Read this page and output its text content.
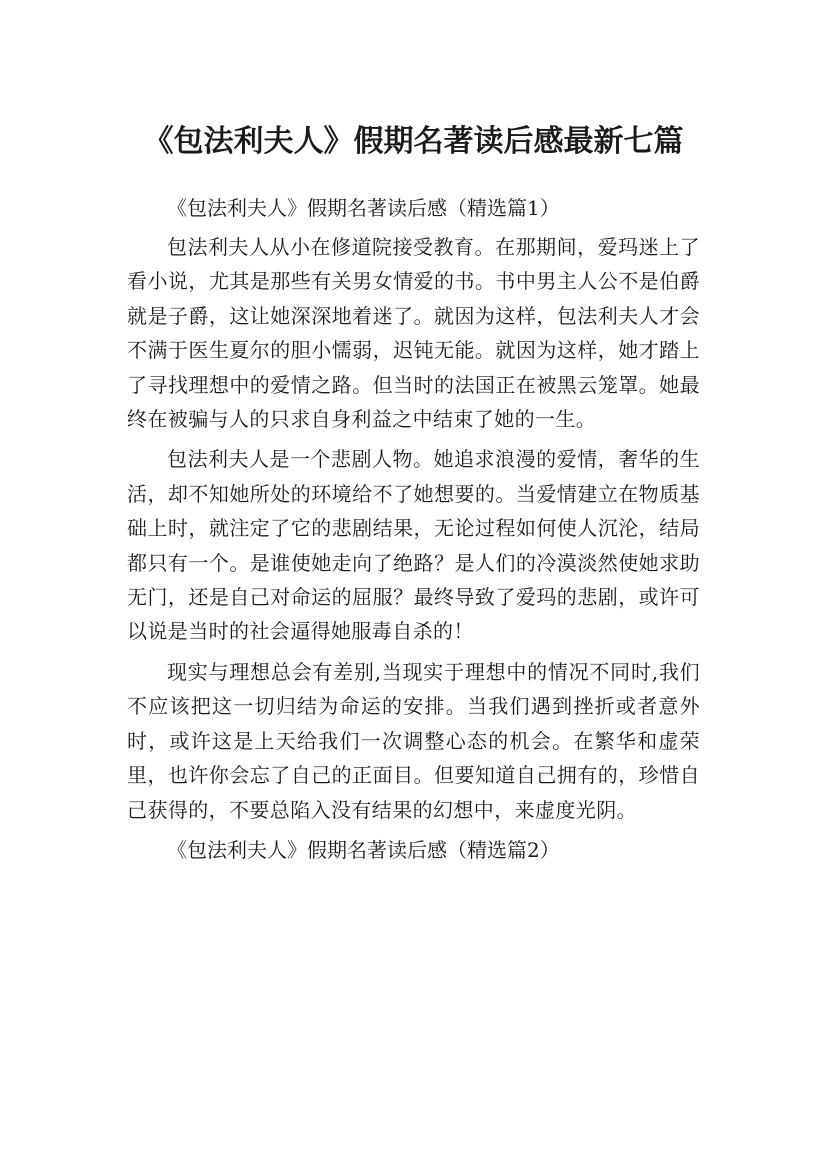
《包法利夫人》假期名著读后感最新七篇

《包法利夫人》假期名著读后感（精选篇1）

包法利夫人从小在修道院接受教育。在那期间，爱玛迷上了看小说，尤其是那些有关男女情爱的书。书中男主人公不是伯爵就是子爵，这让她深深地着迷了。就因为这样，包法利夫人才会不满于医生夏尔的胆小懦弱，迟钝无能。就因为这样，她才踏上了寻找理想中的爱情之路。但当时的法国正在被黑云笼罩。她最终在被骗与人的只求自身利益之中结束了她的一生。

包法利夫人是一个悲剧人物。她追求浪漫的爱情，奢华的生活，却不知她所处的环境给不了她想要的。当爱情建立在物质基础上时，就注定了它的悲剧结果，无论过程如何使人沉沦，结局都只有一个。是谁使她走向了绝路？是人们的冷漠淡然使她求助无门，还是自己对命运的屈服？最终导致了爱玛的悲剧，或许可以说是当时的社会逼得她服毒自杀的！

现实与理想总会有差别,当现实于理想中的情况不同时,我们不应该把这一切归结为命运的安排。当我们遇到挫折或者意外时，或许这是上天给我们一次调整心态的机会。在繁华和虚荣里，也许你会忘了自己的正面目。但要知道自己拥有的，珍惜自己获得的，不要总陷入没有结果的幻想中，来虚度光阴。

《包法利夫人》假期名著读后感（精选篇2）
